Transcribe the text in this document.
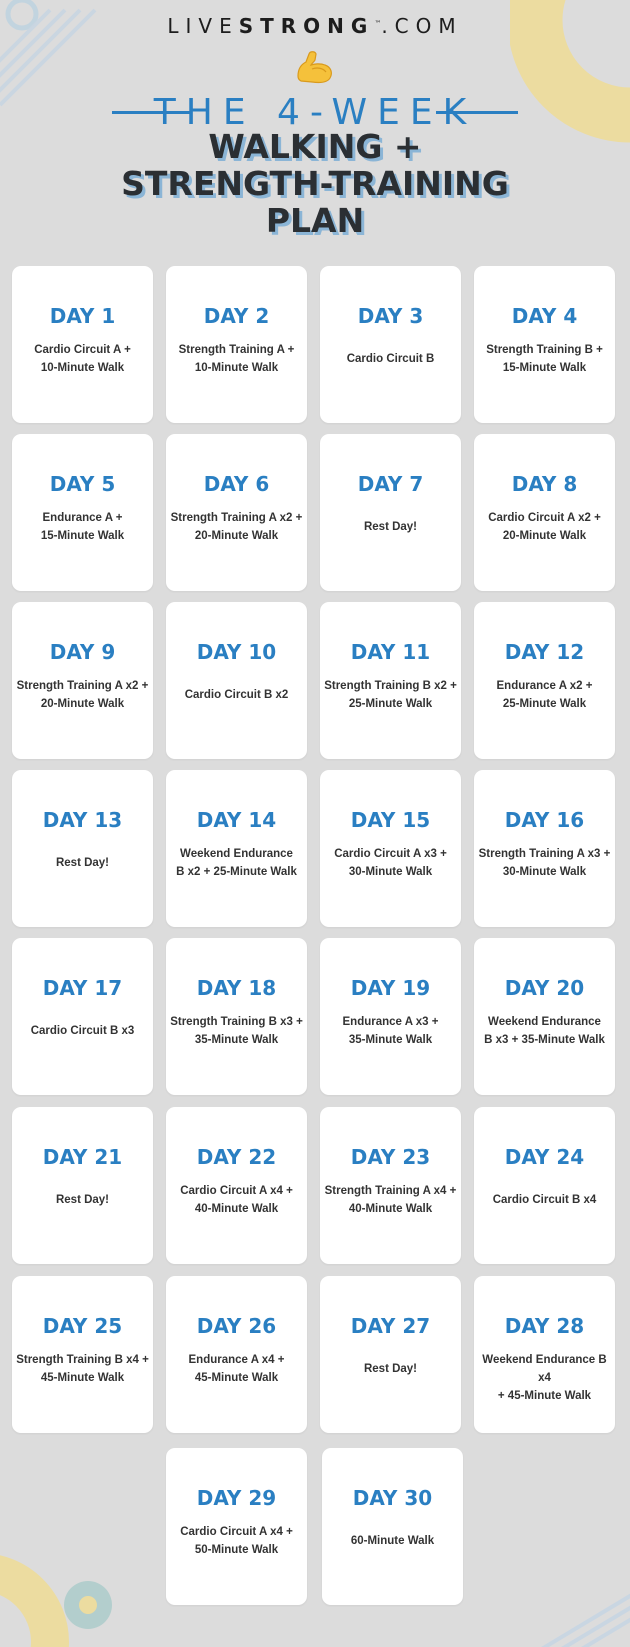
LIVESTRONG™.COM
THE 4-WEEK
WALKING +
STRENGTH-TRAINING
PLAN
DAY 1
Cardio Circuit A +
10-Minute Walk
DAY 2
Strength Training A +
10-Minute Walk
DAY 3
Cardio Circuit B
DAY 4
Strength Training B +
15-Minute Walk
DAY 5
Endurance A +
15-Minute Walk
DAY 6
Strength Training A x2 +
20-Minute Walk
DAY 7
Rest Day!
DAY 8
Cardio Circuit A x2 +
20-Minute Walk
DAY 9
Strength Training A x2 +
20-Minute Walk
DAY 10
Cardio Circuit B x2
DAY 11
Strength Training B x2 +
25-Minute Walk
DAY 12
Endurance A x2 +
25-Minute Walk
DAY 13
Rest Day!
DAY 14
Weekend Endurance
B x2 + 25-Minute Walk
DAY 15
Cardio Circuit A x3 +
30-Minute Walk
DAY 16
Strength Training A x3 +
30-Minute Walk
DAY 17
Cardio Circuit B x3
DAY 18
Strength Training B x3 +
35-Minute Walk
DAY 19
Endurance A x3 +
35-Minute Walk
DAY 20
Weekend Endurance
B x3 + 35-Minute Walk
DAY 21
Rest Day!
DAY 22
Cardio Circuit A x4 +
40-Minute Walk
DAY 23
Strength Training A x4 +
40-Minute Walk
DAY 24
Cardio Circuit B x4
DAY 25
Strength Training B x4 +
45-Minute Walk
DAY 26
Endurance A x4 +
45-Minute Walk
DAY 27
Rest Day!
DAY 28
Weekend Endurance B x4
+ 45-Minute Walk
DAY 29
Cardio Circuit A x4 +
50-Minute Walk
DAY 30
60-Minute Walk
